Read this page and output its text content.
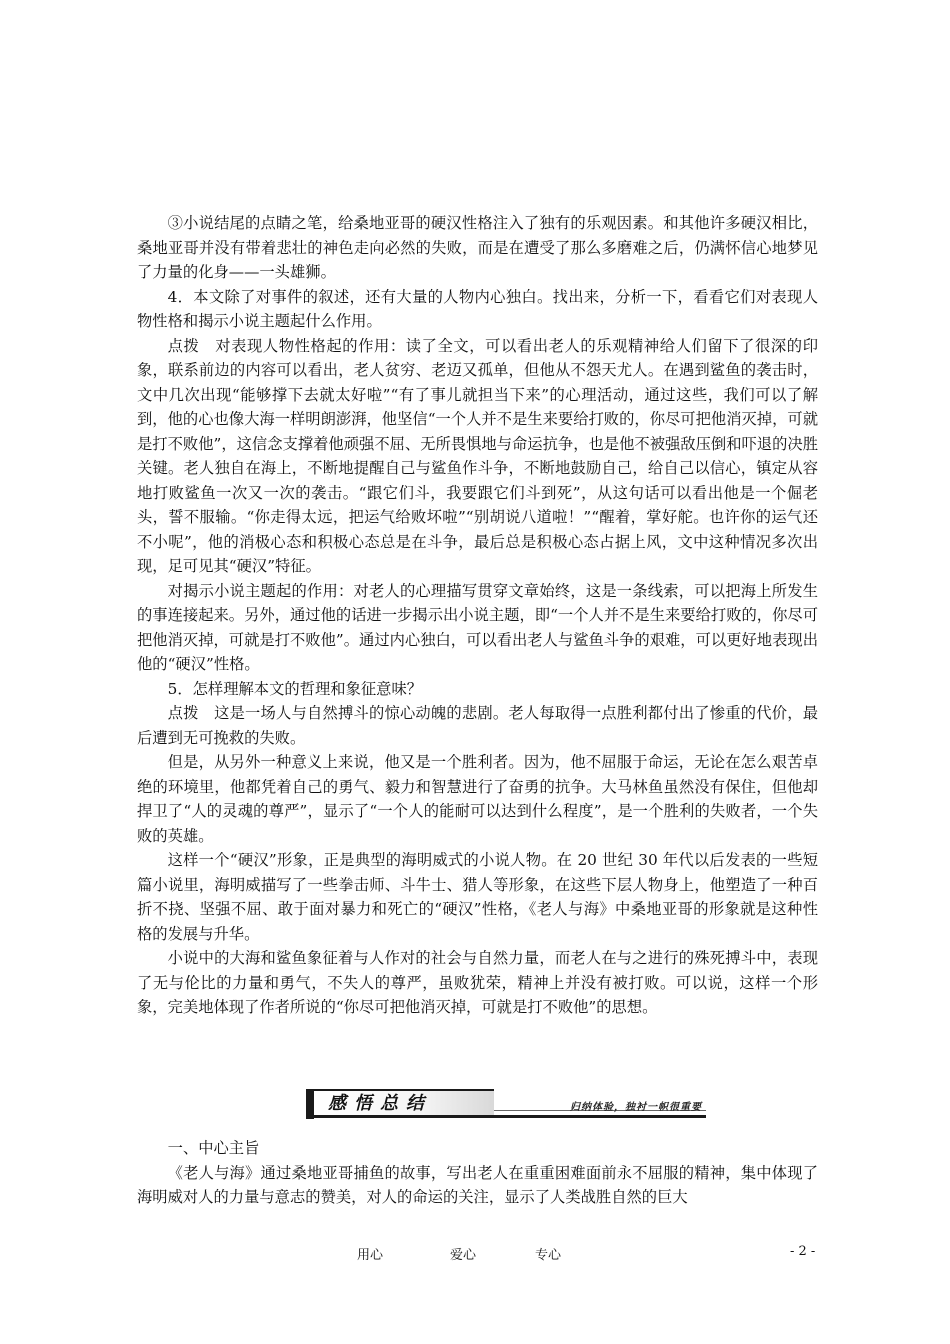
③小说结尾的点睛之笔，给桑地亚哥的硬汉性格注入了独有的乐观因素。和其他许多硬汉相比，桑地亚哥并没有带着悲壮的神色走向必然的失败，而是在遭受了那么多磨难之后，仍满怀信心地梦见了力量的化身——一头雄狮。

4．本文除了对事件的叙述，还有大量的人物内心独白。找出来，分析一下，看看它们对表现人物性格和揭示小说主题起什么作用。

点拨　对表现人物性格起的作用：读了全文，可以看出老人的乐观精神给人们留下了很深的印象，联系前边的内容可以看出，老人贫穷、老迈又孤单，但他从不怨天尤人。在遇到鲨鱼的袭击时，文中几次出现“能够撑下去就太好啦”“有了事儿就担当下来”的心理活动，通过这些，我们可以了解到，他的心也像大海一样明朗澎湃，他坚信“一个人并不是生来要给打败的，你尽可把他消灭掉，可就是打不败他”，这信念支撑着他顽强不屈、无所畏惧地与命运抗争，也是他不被强敌压倒和吓退的决胜关键。老人独自在海上，不断地提醒自己与鲨鱼作斗争，不断地鼓励自己，给自己以信心，镇定从容地打败鲨鱼一次又一次的袭击。“跟它们斗，我要跟它们斗到死”，从这句话可以看出他是一个倔老头，誓不服输。“你走得太远，把运气给败坏啦”“别胡说八道啦！”“醒着，掌好舵。也许你的运气还不小呢”，他的消极心态和积极心态总是在斗争，最后总是积极心态占据上风，文中这种情况多次出现，足可见其“硬汉”特征。

对揭示小说主题起的作用：对老人的心理描写贯穿文章始终，这是一条线索，可以把海上所发生的事连接起来。另外，通过他的话进一步揭示出小说主题，即“一个人并不是生来要给打败的，你尽可把他消灭掉，可就是打不败他”。通过内心独白，可以看出老人与鲨鱼斗争的艰难，可以更好地表现出他的“硬汉”性格。

5．怎样理解本文的哲理和象征意味？

点拨　这是一场人与自然搏斗的惊心动魄的悲剧。老人每取得一点胜利都付出了惨重的代价，最后遭到无可挽救的失败。

但是，从另外一种意义上来说，他又是一个胜利者。因为，他不屈服于命运，无论在怎么艰苦卓绝的环境里，他都凭着自己的勇气、毅力和智慧进行了奋勇的抗争。大马林鱼虽然没有保住，但他却捍卫了“人的灵魂的尊严”，显示了“一个人的能耐可以达到什么程度”，是一个胜利的失败者，一个失败的英雄。

这样一个“硬汉”形象，正是典型的海明威式的小说人物。在 20 世纪 30 年代以后发表的一些短篇小说里，海明威描写了一些拳击师、斗牛士、猎人等形象，在这些下层人物身上，他塑造了一种百折不挠、坚强不屈、敢于面对暴力和死亡的“硬汉”性格，《老人与海》中桑地亚哥的形象就是这种性格的发展与升华。

小说中的大海和鲨鱼象征着与人作对的社会与自然力量，而老人在与之进行的殊死搏斗中，表现了无与伦比的力量和勇气，不失人的尊严，虽败犹荣，精神上并没有被打败。可以说，这样一个形象，完美地体现了作者所说的“你尽可把他消灭掉，可就是打不败他”的思想。

感悟总结	归纳体验，独衬一帜很重要

一、中心主旨

《老人与海》通过桑地亚哥捕鱼的故事，写出老人在重重困难面前永不屈服的精神，集中体现了海明威对人的力量与意志的赞美，对人的命运的关注，显示了人类战胜自然的巨大

用心	爱心	专心	- 2 -
